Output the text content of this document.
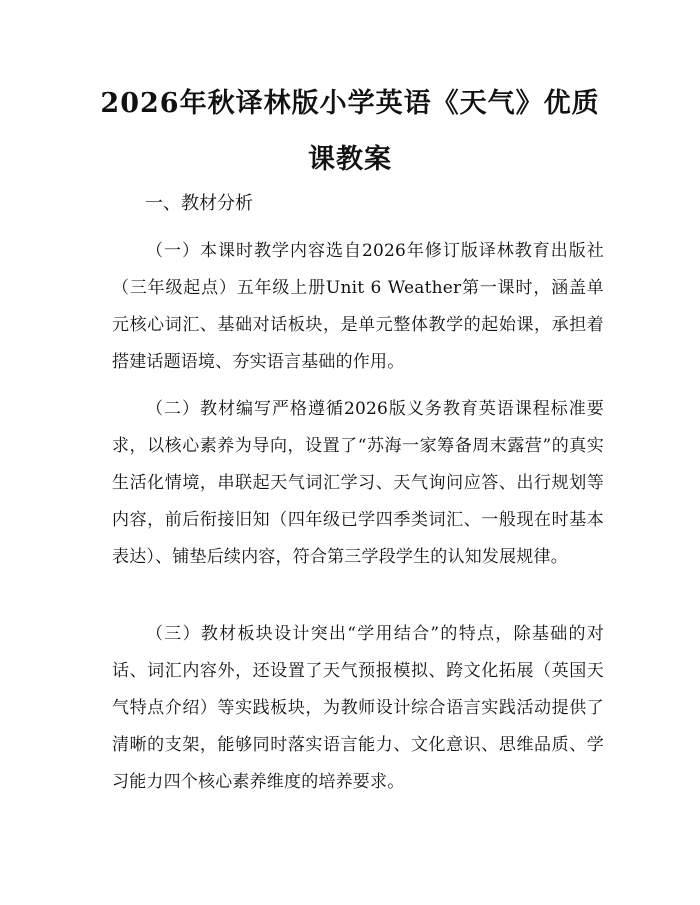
2026年秋译林版小学英语《天气》优质课教案

一、教材分析

（一）本课时教学内容选自2026年修订版译林教育出版社（三年级起点）五年级上册Unit 6 Weather第一课时，涵盖单元核心词汇、基础对话板块，是单元整体教学的起始课，承担着搭建话题语境、夯实语言基础的作用。

（二）教材编写严格遵循2026版义务教育英语课程标准要求，以核心素养为导向，设置了“苏海一家筹备周末露营”的真实生活化情境，串联起天气词汇学习、天气询问应答、出行规划等内容，前后衔接旧知（四年级已学四季类词汇、一般现在时基本表达）、铺垫后续内容，符合第三学段学生的认知发展规律。

（三）教材板块设计突出“学用结合”的特点，除基础的对话、词汇内容外，还设置了天气预报模拟、跨文化拓展（英国天气特点介绍）等实践板块，为教师设计综合语言实践活动提供了清晰的支架，能够同时落实语言能力、文化意识、思维品质、学习能力四个核心素养维度的培养要求。
